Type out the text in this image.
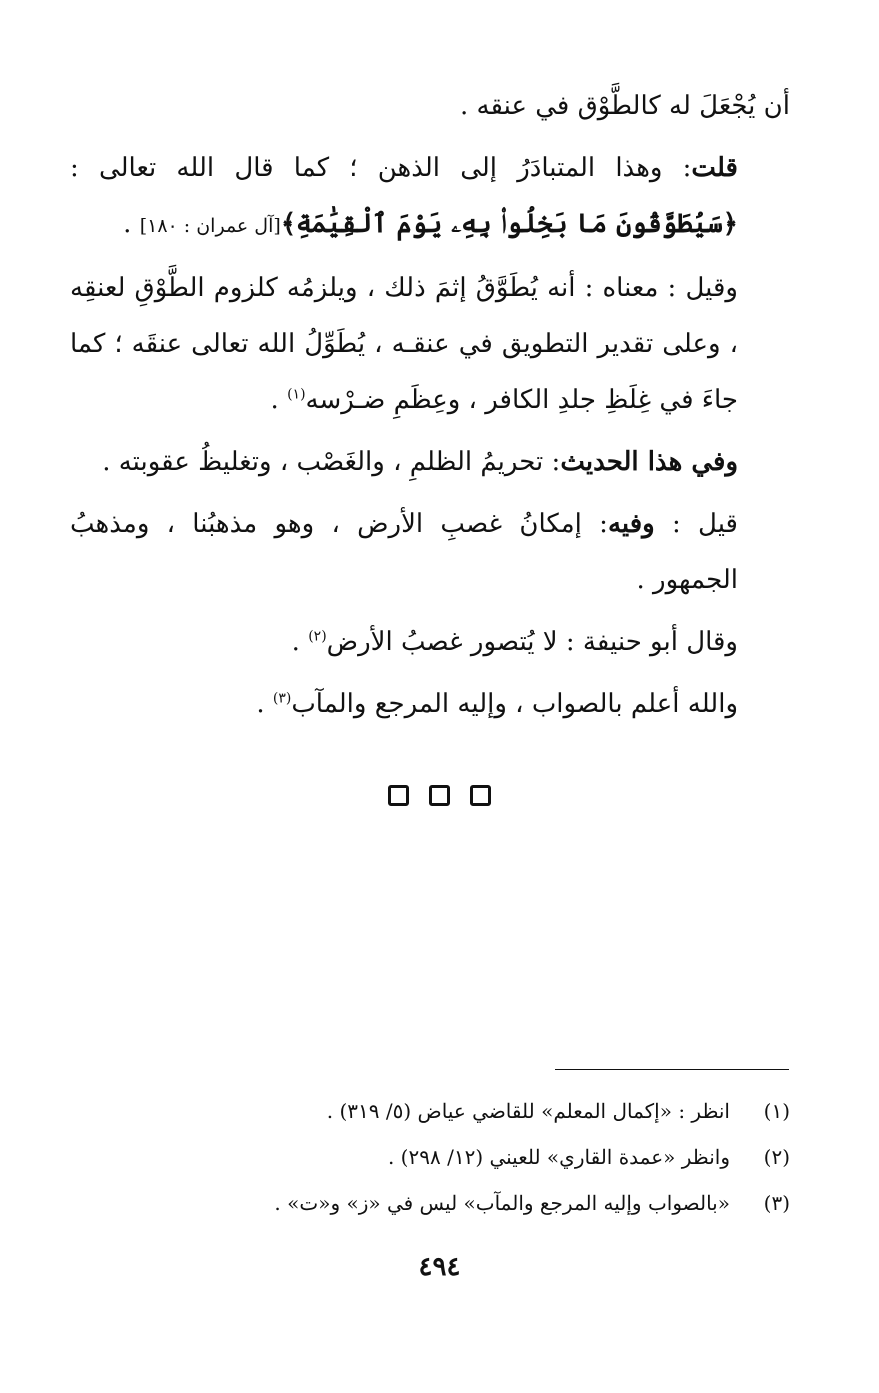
أن يُجْعَلَ له كالطَّوْق في عنقه .

قلت: وهذا المتبادَرُ إلى الذهن ؛ كما قال الله تعالى : ﴿سَيُطَوَّقُونَ مَا بَخِلُوا۟ بِهِۦ يَوْمَ ٱلْقِيَٰمَةِ﴾[آل عمران : ١٨٠] .

وقيل : معناه : أنه يُطَوَّقُ إثمَ ذلك ، ويلزمُه كلزوم الطَّوْقِ لعنقِه ، وعلى تقدير التطويق في عنقـه ، يُطَوِّلُ الله تعالى عنقَه ؛ كما جاءَ في غِلَظِ جلدِ الكافر ، وعِظَمِ ضـرْسه$^{(١)}$ .

وفي هذا الحديث: تحريمُ الظلمِ ، والغَصْب ، وتغليظُ عقوبته .

قيل : وفيه: إمكانُ غصبِ الأرض ، وهو مذهبُنا ، ومذهبُ الجمهور .

وقال أبو حنيفة : لا يُتصور غصبُ الأرض$^{(٢)}$ .

والله أعلم بالصواب ، وإليه المرجع والمآب$^{(٣)}$ .

(١)
انظر : «إكمال المعلم» للقاضي عياض (٥/ ٣١٩) .
(٢)
وانظر «عمدة القاري» للعيني (١٢/ ٢٩٨) .
(٣)
«بالصواب وإليه المرجع والمآب» ليس في «ز» و«ت» .
٤٩٤
